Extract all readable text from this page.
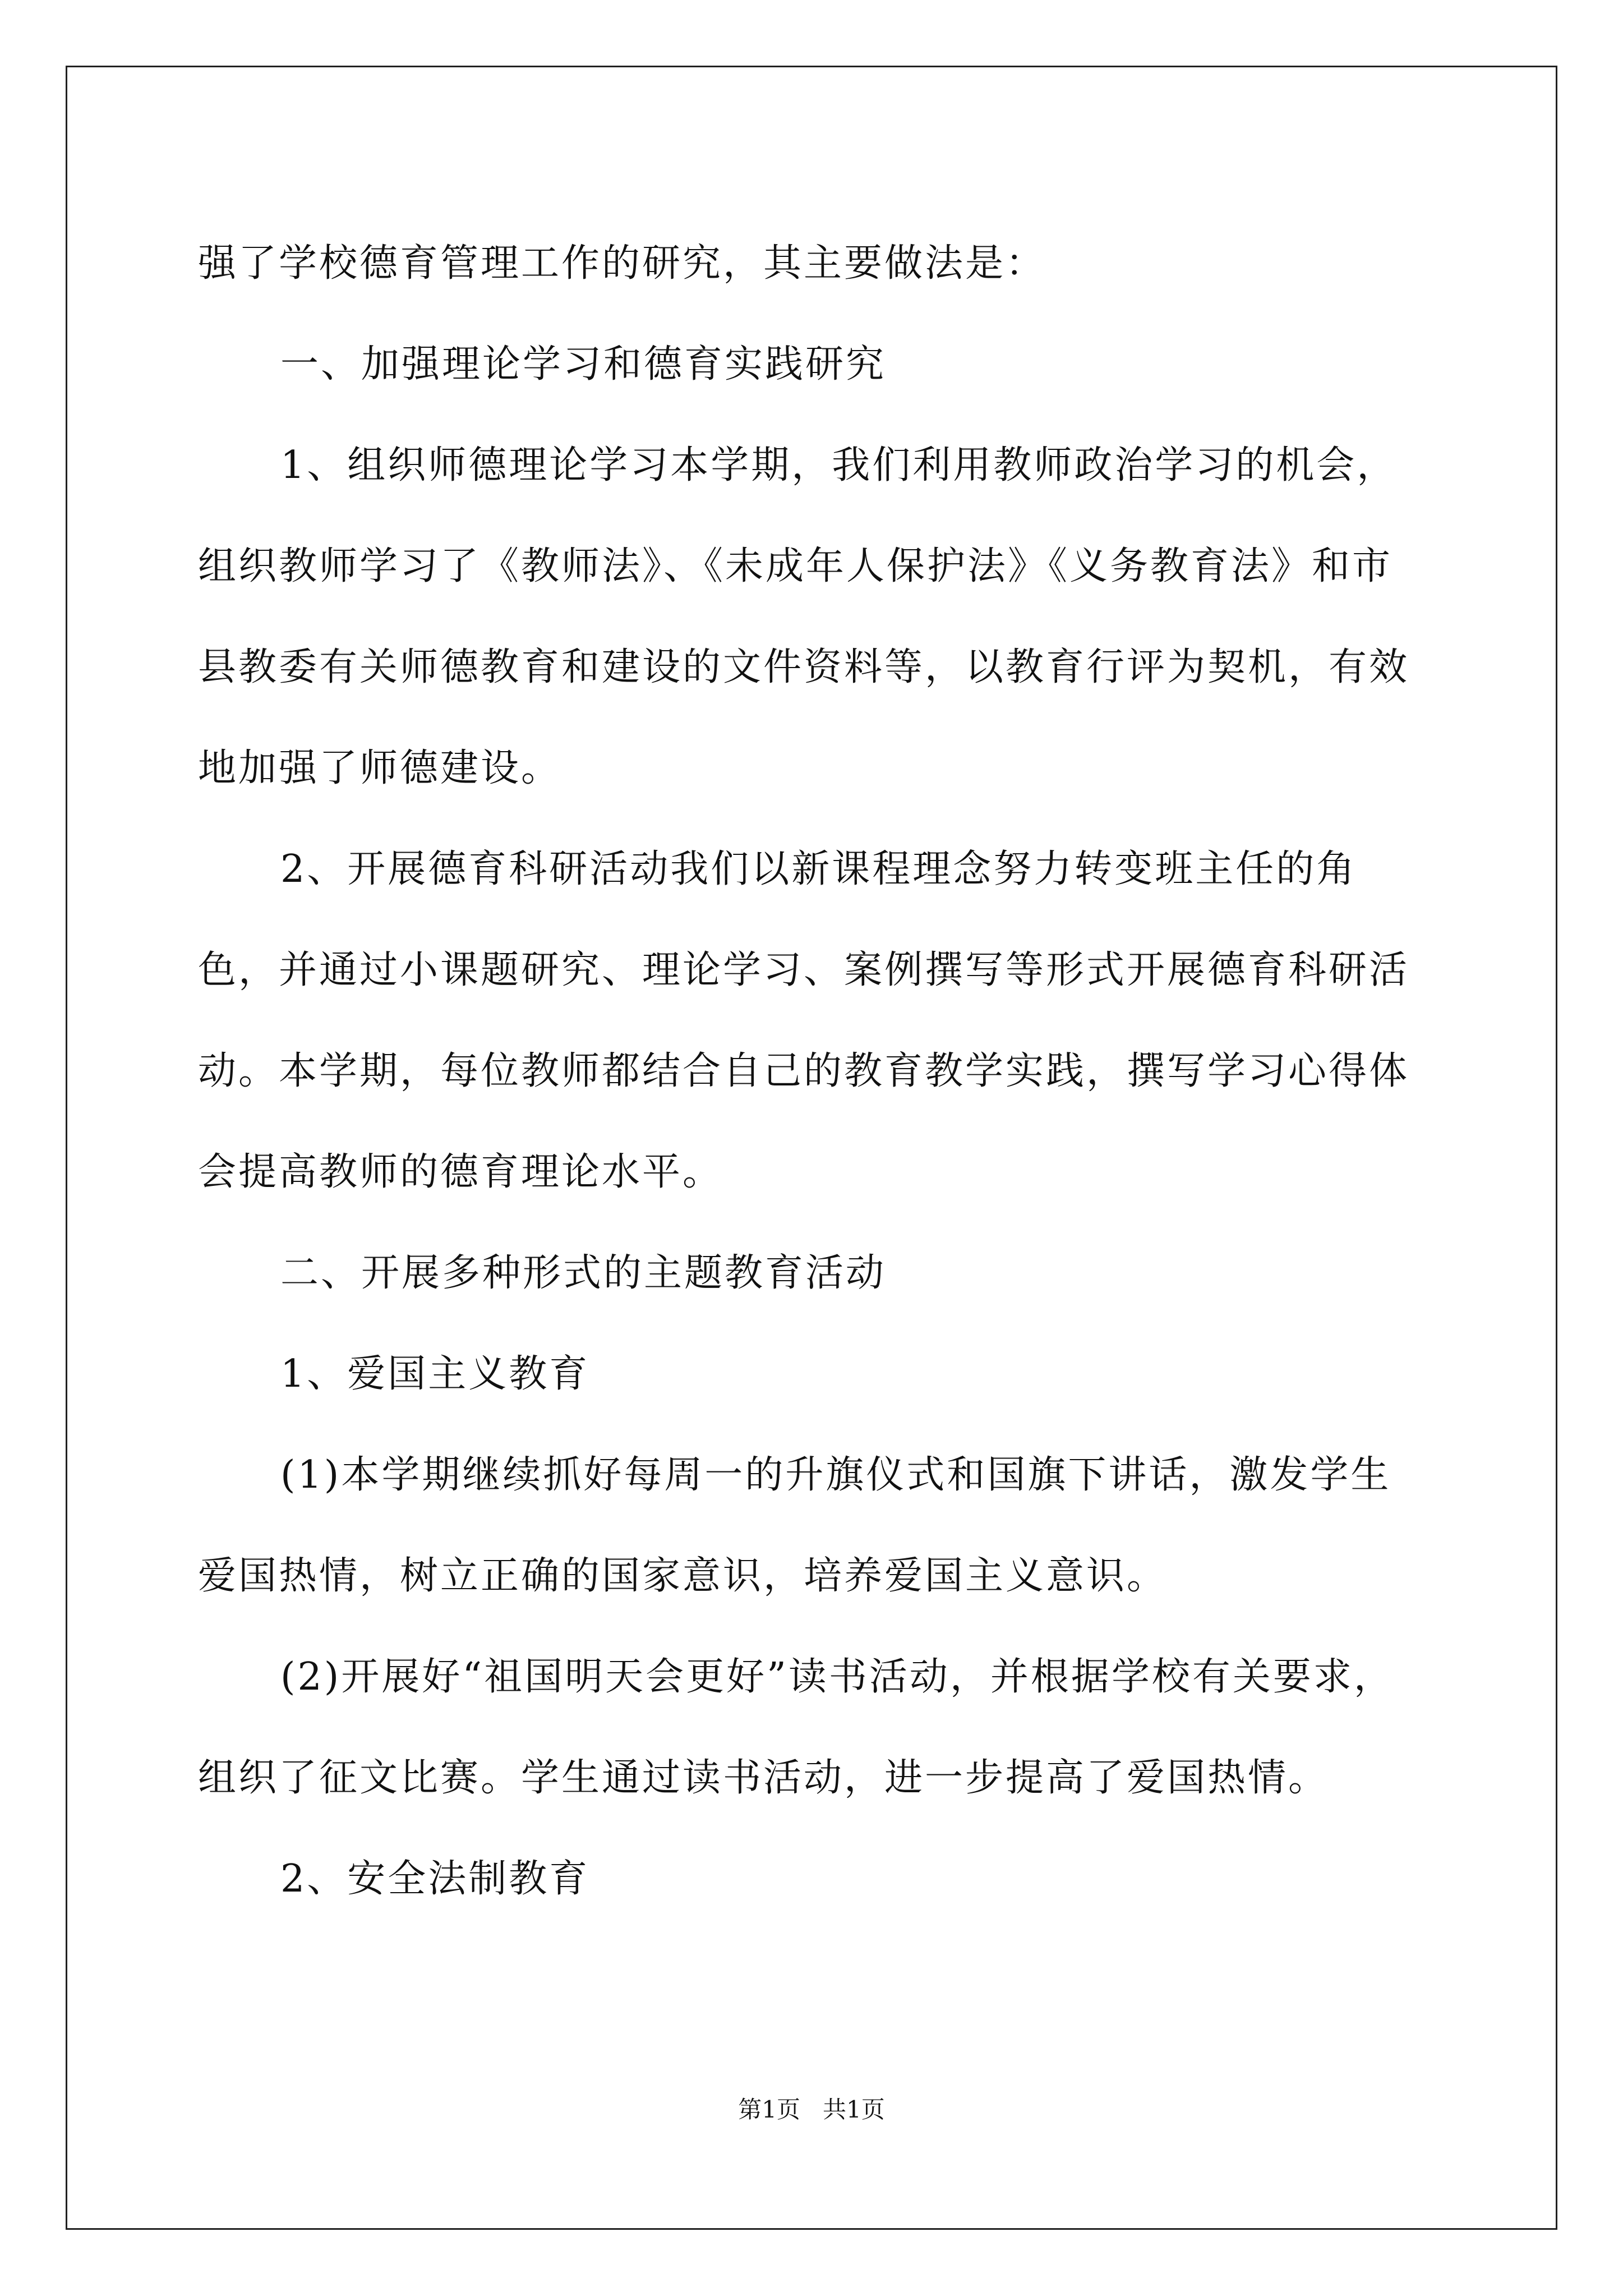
强了学校德育管理工作的研究，其主要做法是：

一、加强理论学习和德育实践研究

1、组织师德理论学习本学期，我们利用教师政治学习的机会，组织教师学习了《教师法》、《未成年人保护法》《义务教育法》和市县教委有关师德教育和建设的文件资料等，以教育行评为契机，有效地加强了师德建设。

2、开展德育科研活动我们以新课程理念努力转变班主任的角色，并通过小课题研究、理论学习、案例撰写等形式开展德育科研活动。本学期，每位教师都结合自己的教育教学实践，撰写学习心得体会提高教师的德育理论水平。

二、开展多种形式的主题教育活动

1、爱国主义教育

(1)本学期继续抓好每周一的升旗仪式和国旗下讲话，激发学生爱国热情，树立正确的国家意识，培养爱国主义意识。

(2)开展好“祖国明天会更好”读书活动，并根据学校有关要求，组织了征文比赛。学生通过读书活动，进一步提高了爱国热情。

2、安全法制教育

第1页   共1页
